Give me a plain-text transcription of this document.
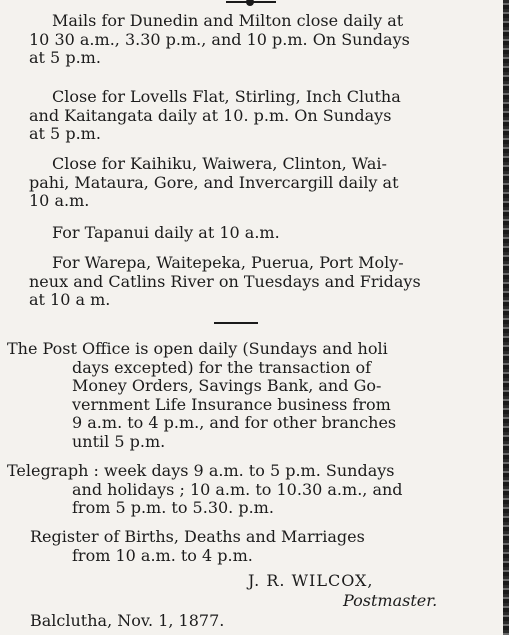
Mails for Dunedin and Milton close daily at
10 30 a.m., 3.30 p.m., and 10 p.m. On Sundays
at 5 p.m.
Close for Lovells Flat, Stirling, Inch Clutha
and Kaitangata daily at 10. p.m. On Sundays
at 5 p.m.
Close for Kaihiku, Waiwera, Clinton, Wai-
pahi, Mataura, Gore, and Invercargill daily at
10 a.m.
For Tapanui daily at 10 a.m.
For Warepa, Waitepeka, Puerua, Port Moly-
neux and Catlins River on Tuesdays and Fridays
at 10 a m.
The Post Office is open daily (Sundays and holi
days excepted) for the transaction of
Money Orders, Savings Bank, and Go-
vernment Life Insurance business from
9 a.m. to 4 p.m., and for other branches
until 5 p.m.
Telegraph : week days 9 a.m. to 5 p.m. Sundays
and holidays ; 10 a.m. to 10.30 a.m., and
from 5 p.m. to 5.30. p.m.
Register of Births, Deaths and Marriages
from 10 a.m. to 4 p.m.
J. R. WILCOX,
Postmaster.
Balclutha, Nov. 1, 1877.
